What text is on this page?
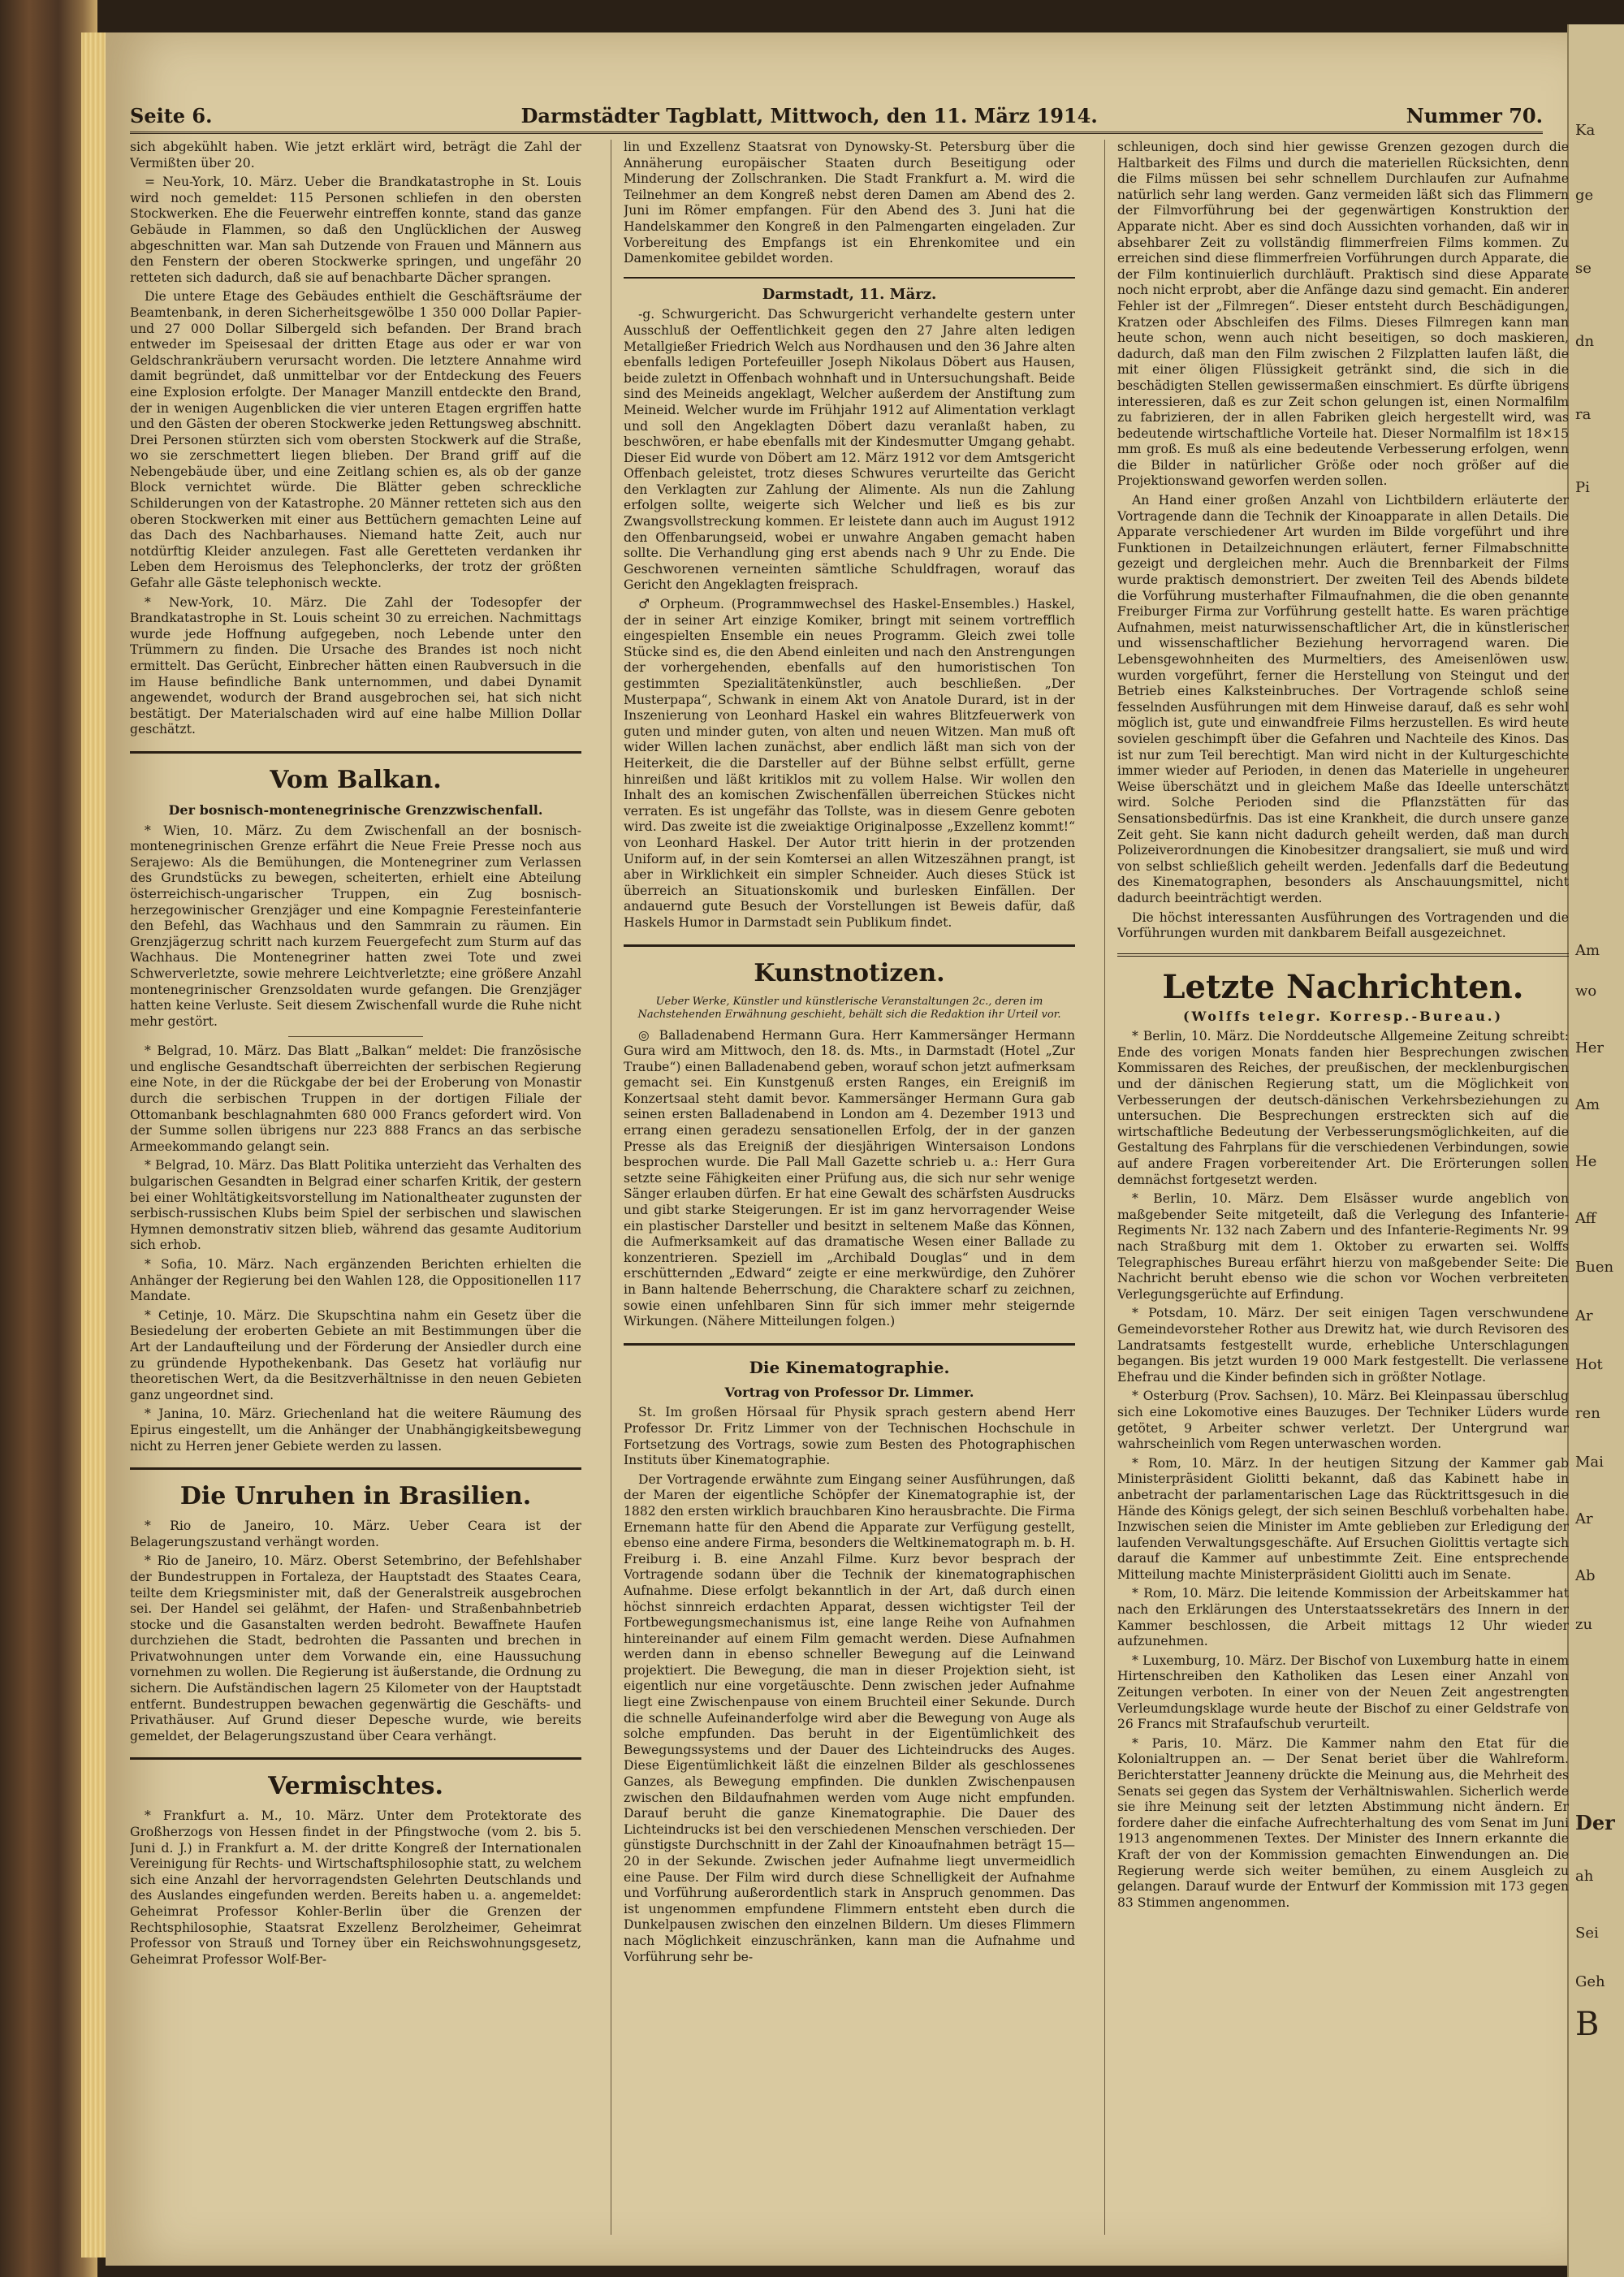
Ka
ge
se
dn
ra
Pi
Am
wo
Her
Am
He
Aff
Buen
Ar
Hot
ren
Mai
Ar
Ab
zu
Der
ah
Sei
Geh
B
Seite 6.	Darmstädter Tagblatt, Mittwoch, den 11. März 1914.	Nummer 70.

sich abgekühlt haben. Wie jetzt erklärt wird, beträgt die Zahl der Vermißten über 20.

= Neu-York, 10. März. Ueber die Brandkatastrophe in St. Louis wird noch gemeldet: 115 Personen schliefen in den obersten Stockwerken. Ehe die Feuerwehr eintreffen konnte, stand das ganze Gebäude in Flammen, so daß den Unglücklichen der Ausweg abgeschnitten war. Man sah Dutzende von Frauen und Männern aus den Fenstern der oberen Stockwerke springen, und ungefähr 20 retteten sich dadurch, daß sie auf benachbarte Dächer sprangen.

Die untere Etage des Gebäudes enthielt die Geschäftsräume der Beamtenbank, in deren Sicherheitsgewölbe 1 350 000 Dollar Papier- und 27 000 Dollar Silbergeld sich befanden. Der Brand brach entweder im Speisesaal der dritten Etage aus oder er war von Geldschrankräubern verursacht worden. Die letztere Annahme wird damit begründet, daß unmittelbar vor der Entdeckung des Feuers eine Explosion erfolgte. Der Manager Manzill entdeckte den Brand, der in wenigen Augenblicken die vier unteren Etagen ergriffen hatte und den Gästen der oberen Stockwerke jeden Rettungsweg abschnitt. Drei Personen stürzten sich vom obersten Stockwerk auf die Straße, wo sie zerschmettert liegen blieben. Der Brand griff auf die Nebengebäude über, und eine Zeitlang schien es, als ob der ganze Block vernichtet würde. Die Blätter geben schreckliche Schilderungen von der Katastrophe. 20 Männer retteten sich aus den oberen Stockwerken mit einer aus Bettüchern gemachten Leine auf das Dach des Nachbarhauses. Niemand hatte Zeit, auch nur notdürftig Kleider anzulegen. Fast alle Geretteten verdanken ihr Leben dem Heroismus des Telephonclerks, der trotz der größten Gefahr alle Gäste telephonisch weckte.

* New-York, 10. März. Die Zahl der Todesopfer der Brandkatastrophe in St. Louis scheint 30 zu erreichen. Nachmittags wurde jede Hoffnung aufgegeben, noch Lebende unter den Trümmern zu finden. Die Ursache des Brandes ist noch nicht ermittelt. Das Gerücht, Einbrecher hätten einen Raubversuch in die im Hause befindliche Bank unternommen, und dabei Dynamit angewendet, wodurch der Brand ausgebrochen sei, hat sich nicht bestätigt. Der Materialschaden wird auf eine halbe Million Dollar geschätzt.

Vom Balkan.
Der bosnisch-montenegrinische Grenzzwischenfall.

* Wien, 10. März. Zu dem Zwischenfall an der bosnisch-montenegrinischen Grenze erfährt die Neue Freie Presse noch aus Serajewo: Als die Bemühungen, die Montenegriner zum Verlassen des Grundstücks zu bewegen, scheiterten, erhielt eine Abteilung österreichisch-ungarischer Truppen, ein Zug bosnisch-herzegowinischer Grenzjäger und eine Kompagnie Feresteinfanterie den Befehl, das Wachhaus und den Sammrain zu räumen. Ein Grenzjägerzug schritt nach kurzem Feuergefecht zum Sturm auf das Wachhaus. Die Montenegriner hatten zwei Tote und zwei Schwerverletzte, sowie mehrere Leichtverletzte; eine größere Anzahl montenegrinischer Grenzsoldaten wurde gefangen. Die Grenzjäger hatten keine Verluste. Seit diesem Zwischenfall wurde die Ruhe nicht mehr gestört.

* Belgrad, 10. März. Das Blatt „Balkan“ meldet: Die französische und englische Gesandtschaft überreichten der serbischen Regierung eine Note, in der die Rückgabe der bei der Eroberung von Monastir durch die serbischen Truppen in der dortigen Filiale der Ottomanbank beschlagnahmten 680 000 Francs gefordert wird. Von der Summe sollen übrigens nur 223 888 Francs an das serbische Armeekommando gelangt sein.

* Belgrad, 10. März. Das Blatt Politika unterzieht das Verhalten des bulgarischen Gesandten in Belgrad einer scharfen Kritik, der gestern bei einer Wohltätigkeitsvorstellung im Nationaltheater zugunsten der serbisch-russischen Klubs beim Spiel der serbischen und slawischen Hymnen demonstrativ sitzen blieb, während das gesamte Auditorium sich erhob.

* Sofia, 10. März. Nach ergänzenden Berichten erhielten die Anhänger der Regierung bei den Wahlen 128, die Oppositionellen 117 Mandate.

* Cetinje, 10. März. Die Skupschtina nahm ein Gesetz über die Besiedelung der eroberten Gebiete an mit Bestimmungen über die Art der Landaufteilung und der Förderung der Ansiedler durch eine zu gründende Hypothekenbank. Das Gesetz hat vorläufig nur theoretischen Wert, da die Besitzverhältnisse in den neuen Gebieten ganz ungeordnet sind.

* Janina, 10. März. Griechenland hat die weitere Räumung des Epirus eingestellt, um die Anhänger der Unabhängigkeitsbewegung nicht zu Herren jener Gebiete werden zu lassen.

Die Unruhen in Brasilien.

* Rio de Janeiro, 10. März. Ueber Ceara ist der Belagerungszustand verhängt worden.

* Rio de Janeiro, 10. März. Oberst Setembrino, der Befehlshaber der Bundestruppen in Fortaleza, der Hauptstadt des Staates Ceara, teilte dem Kriegsminister mit, daß der Generalstreik ausgebrochen sei. Der Handel sei gelähmt, der Hafen- und Straßenbahnbetrieb stocke und die Gasanstalten werden bedroht. Bewaffnete Haufen durchziehen die Stadt, bedrohten die Passanten und brechen in Privatwohnungen unter dem Vorwande ein, eine Haussuchung vornehmen zu wollen. Die Regierung ist äußerstande, die Ordnung zu sichern. Die Aufständischen lagern 25 Kilometer von der Hauptstadt entfernt. Bundestruppen bewachen gegenwärtig die Geschäfts- und Privathäuser. Auf Grund dieser Depesche wurde, wie bereits gemeldet, der Belagerungszustand über Ceara verhängt.

Vermischtes.

* Frankfurt a. M., 10. März. Unter dem Protektorate des Großherzogs von Hessen findet in der Pfingstwoche (vom 2. bis 5. Juni d. J.) in Frankfurt a. M. der dritte Kongreß der Internationalen Vereinigung für Rechts- und Wirtschaftsphilosophie statt, zu welchem sich eine Anzahl der hervorragendsten Gelehrten Deutschlands und des Auslandes eingefunden werden. Bereits haben u. a. angemeldet: Geheimrat Professor Kohler-Berlin über die Grenzen der Rechtsphilosophie, Staatsrat Exzellenz Berolzheimer, Geheimrat Professor von Strauß und Torney über ein Reichswohnungsgesetz, Geheimrat Professor Wolf-Ber-

lin und Exzellenz Staatsrat von Dynowsky-St. Petersburg über die Annäherung europäischer Staaten durch Beseitigung oder Minderung der Zollschranken. Die Stadt Frankfurt a. M. wird die Teilnehmer an dem Kongreß nebst deren Damen am Abend des 2. Juni im Römer empfangen. Für den Abend des 3. Juni hat die Handelskammer den Kongreß in den Palmengarten eingeladen. Zur Vorbereitung des Empfangs ist ein Ehrenkomitee und ein Damenkomitee gebildet worden.

Darmstadt, 11. März.

-g. Schwurgericht. Das Schwurgericht verhandelte gestern unter Ausschluß der Oeffentlichkeit gegen den 27 Jahre alten ledigen Metallgießer Friedrich Welch aus Nordhausen und den 36 Jahre alten ebenfalls ledigen Portefeuiller Joseph Nikolaus Döbert aus Hausen, beide zuletzt in Offenbach wohnhaft und in Untersuchungshaft. Beide sind des Meineids angeklagt, Welcher außerdem der Anstiftung zum Meineid. Welcher wurde im Frühjahr 1912 auf Alimentation verklagt und soll den Angeklagten Döbert dazu veranlaßt haben, zu beschwören, er habe ebenfalls mit der Kindesmutter Umgang gehabt. Dieser Eid wurde von Döbert am 12. März 1912 vor dem Amtsgericht Offenbach geleistet, trotz dieses Schwures verurteilte das Gericht den Verklagten zur Zahlung der Alimente. Als nun die Zahlung erfolgen sollte, weigerte sich Welcher und ließ es bis zur Zwangsvollstreckung kommen. Er leistete dann auch im August 1912 den Offenbarungseid, wobei er unwahre Angaben gemacht haben sollte. Die Verhandlung ging erst abends nach 9 Uhr zu Ende. Die Geschworenen verneinten sämtliche Schuldfragen, worauf das Gericht den Angeklagten freisprach.

♂ Orpheum. (Programmwechsel des Haskel-Ensembles.) Haskel, der in seiner Art einzige Komiker, bringt mit seinem vortrefflich eingespielten Ensemble ein neues Programm. Gleich zwei tolle Stücke sind es, die den Abend einleiten und nach den Anstrengungen der vorhergehenden, ebenfalls auf den humoristischen Ton gestimmten Spezialitätenkünstler, auch beschließen. „Der Musterpapa“, Schwank in einem Akt von Anatole Durard, ist in der Inszenierung von Leonhard Haskel ein wahres Blitzfeuerwerk von guten und minder guten, von alten und neuen Witzen. Man muß oft wider Willen lachen zunächst, aber endlich läßt man sich von der Heiterkeit, die die Darsteller auf der Bühne selbst erfüllt, gerne hinreißen und läßt kritiklos mit zu vollem Halse. Wir wollen den Inhalt des an komischen Zwischenfällen überreichen Stückes nicht verraten. Es ist ungefähr das Tollste, was in diesem Genre geboten wird. Das zweite ist die zweiaktige Originalposse „Exzellenz kommt!“ von Leonhard Haskel. Der Autor tritt hierin in der protzenden Uniform auf, in der sein Komtersei an allen Witzeszähnen prangt, ist aber in Wirklichkeit ein simpler Schneider. Auch dieses Stück ist überreich an Situationskomik und burlesken Einfällen. Der andauernd gute Besuch der Vorstellungen ist Beweis dafür, daß Haskels Humor in Darmstadt sein Publikum findet.

Kunstnotizen.
Ueber Werke, Künstler und künstlerische Veranstaltungen 2c., deren im Nachstehenden Erwähnung geschieht, behält sich die Redaktion ihr Urteil vor.

◎ Balladenabend Hermann Gura. Herr Kammersänger Hermann Gura wird am Mittwoch, den 18. ds. Mts., in Darmstadt (Hotel „Zur Traube“) einen Balladenabend geben, worauf schon jetzt aufmerksam gemacht sei. Ein Kunstgenuß ersten Ranges, ein Ereigniß im Konzertsaal steht damit bevor. Kammersänger Hermann Gura gab seinen ersten Balladenabend in London am 4. Dezember 1913 und errang einen geradezu sensationellen Erfolg, der in der ganzen Presse als das Ereigniß der diesjährigen Wintersaison Londons besprochen wurde. Die Pall Mall Gazette schrieb u. a.: Herr Gura setzte seine Fähigkeiten einer Prüfung aus, die sich nur sehr wenige Sänger erlauben dürfen. Er hat eine Gewalt des schärfsten Ausdrucks und gibt starke Steigerungen. Er ist im ganz hervorragender Weise ein plastischer Darsteller und besitzt in seltenem Maße das Können, die Aufmerksamkeit auf das dramatische Wesen einer Ballade zu konzentrieren. Speziell im „Archibald Douglas“ und in dem erschütternden „Edward“ zeigte er eine merkwürdige, den Zuhörer in Bann haltende Beherrschung, die Charaktere scharf zu zeichnen, sowie einen unfehlbaren Sinn für sich immer mehr steigernde Wirkungen. (Nähere Mitteilungen folgen.)

Die Kinematographie.
Vortrag von Professor Dr. Limmer.

St. Im großen Hörsaal für Physik sprach gestern abend Herr Professor Dr. Fritz Limmer von der Technischen Hochschule in Fortsetzung des Vortrags, sowie zum Besten des Photographischen Instituts über Kinematographie.

Der Vortragende erwähnte zum Eingang seiner Ausführungen, daß der Maren der eigentliche Schöpfer der Kinematographie ist, der 1882 den ersten wirklich brauchbaren Kino herausbrachte. Die Firma Ernemann hatte für den Abend die Apparate zur Verfügung gestellt, ebenso eine andere Firma, besonders die Weltkinematograph m. b. H. Freiburg i. B. eine Anzahl Filme. Kurz bevor besprach der Vortragende sodann über die Technik der kinematographischen Aufnahme. Diese erfolgt bekanntlich in der Art, daß durch einen höchst sinnreich erdachten Apparat, dessen wichtigster Teil der Fortbewegungsmechanismus ist, eine lange Reihe von Aufnahmen hintereinander auf einem Film gemacht werden. Diese Aufnahmen werden dann in ebenso schneller Bewegung auf die Leinwand projektiert. Die Bewegung, die man in dieser Projektion sieht, ist eigentlich nur eine vorgetäuschte. Denn zwischen jeder Aufnahme liegt eine Zwischenpause von einem Bruchteil einer Sekunde. Durch die schnelle Aufeinanderfolge wird aber die Bewegung von Auge als solche empfunden. Das beruht in der Eigentümlichkeit des Bewegungssystems und der Dauer des Lichteindrucks des Auges. Diese Eigentümlichkeit läßt die einzelnen Bilder als geschlossenes Ganzes, als Bewegung empfinden. Die dunklen Zwischenpausen zwischen den Bildaufnahmen werden vom Auge nicht empfunden. Darauf beruht die ganze Kinematographie. Die Dauer des Lichteindrucks ist bei den verschiedenen Menschen verschieden. Der günstigste Durchschnitt in der Zahl der Kinoaufnahmen beträgt 15—20 in der Sekunde. Zwischen jeder Aufnahme liegt unvermeidlich eine Pause. Der Film wird durch diese Schnelligkeit der Aufnahme und Vorführung außerordentlich stark in Anspruch genommen. Das ist ungenommen empfundene Flimmern entsteht eben durch die Dunkelpausen zwischen den einzelnen Bildern. Um dieses Flimmern nach Möglichkeit einzuschränken, kann man die Aufnahme und Vorführung sehr be-

schleunigen, doch sind hier gewisse Grenzen gezogen durch die Haltbarkeit des Films und durch die materiellen Rücksichten, denn die Films müssen bei sehr schnellem Durchlaufen zur Aufnahme natürlich sehr lang werden. Ganz vermeiden läßt sich das Flimmern der Filmvorführung bei der gegenwärtigen Konstruktion der Apparate nicht. Aber es sind doch Aussichten vorhanden, daß wir in absehbarer Zeit zu vollständig flimmerfreien Films kommen. Zu erreichen sind diese flimmerfreien Vorführungen durch Apparate, die der Film kontinuierlich durchläuft. Praktisch sind diese Apparate noch nicht erprobt, aber die Anfänge dazu sind gemacht. Ein anderer Fehler ist der „Filmregen“. Dieser entsteht durch Beschädigungen, Kratzen oder Abschleifen des Films. Dieses Filmregen kann man heute schon, wenn auch nicht beseitigen, so doch maskieren, dadurch, daß man den Film zwischen 2 Filzplatten laufen läßt, die mit einer öligen Flüssigkeit getränkt sind, die sich in die beschädigten Stellen gewissermaßen einschmiert. Es dürfte übrigens interessieren, daß es zur Zeit schon gelungen ist, einen Normalfilm zu fabrizieren, der in allen Fabriken gleich hergestellt wird, was bedeutende wirtschaftliche Vorteile hat. Dieser Normalfilm ist 18×15 mm groß. Es muß als eine bedeutende Verbesserung erfolgen, wenn die Bilder in natürlicher Größe oder noch größer auf die Projektionswand geworfen werden sollen.

An Hand einer großen Anzahl von Lichtbildern erläuterte der Vortragende dann die Technik der Kinoapparate in allen Details. Die Apparate verschiedener Art wurden im Bilde vorgeführt und ihre Funktionen in Detailzeichnungen erläutert, ferner Filmabschnitte gezeigt und dergleichen mehr. Auch die Brennbarkeit der Films wurde praktisch demonstriert. Der zweiten Teil des Abends bildete die Vorführung musterhafter Filmaufnahmen, die die oben genannte Freiburger Firma zur Vorführung gestellt hatte. Es waren prächtige Aufnahmen, meist naturwissenschaftlicher Art, die in künstlerischer und wissenschaftlicher Beziehung hervorragend waren. Die Lebensgewohnheiten des Murmeltiers, des Ameisenlöwen usw. wurden vorgeführt, ferner die Herstellung von Steingut und der Betrieb eines Kalksteinbruches. Der Vortragende schloß seine fesselnden Ausführungen mit dem Hinweise darauf, daß es sehr wohl möglich ist, gute und einwandfreie Films herzustellen. Es wird heute sovielen geschimpft über die Gefahren und Nachteile des Kinos. Das ist nur zum Teil berechtigt. Man wird nicht in der Kulturgeschichte immer wieder auf Perioden, in denen das Materielle in ungeheurer Weise überschätzt und in gleichem Maße das Ideelle unterschätzt wird. Solche Perioden sind die Pflanzstätten für das Sensationsbedürfnis. Das ist eine Krankheit, die durch unsere ganze Zeit geht. Sie kann nicht dadurch geheilt werden, daß man durch Polizeiverordnungen die Kinobesitzer drangsaliert, sie muß und wird von selbst schließlich geheilt werden. Jedenfalls darf die Bedeutung des Kinematographen, besonders als Anschauungsmittel, nicht dadurch beeinträchtigt werden.

Die höchst interessanten Ausführungen des Vortragenden und die Vorführungen wurden mit dankbarem Beifall ausgezeichnet.

Letzte Nachrichten.
(Wolffs telegr. Korresp.-Bureau.)

* Berlin, 10. März. Die Norddeutsche Allgemeine Zeitung schreibt: Ende des vorigen Monats fanden hier Besprechungen zwischen Kommissaren des Reiches, der preußischen, der mecklenburgischen und der dänischen Regierung statt, um die Möglichkeit von Verbesserungen der deutsch-dänischen Verkehrsbeziehungen zu untersuchen. Die Besprechungen erstreckten sich auf die wirtschaftliche Bedeutung der Verbesserungsmöglichkeiten, auf die Gestaltung des Fahrplans für die verschiedenen Verbindungen, sowie auf andere Fragen vorbereitender Art. Die Erörterungen sollen demnächst fortgesetzt werden.

* Berlin, 10. März. Dem Elsässer wurde angeblich von maßgebender Seite mitgeteilt, daß die Verlegung des Infanterie-Regiments Nr. 132 nach Zabern und des Infanterie-Regiments Nr. 99 nach Straßburg mit dem 1. Oktober zu erwarten sei. Wolffs Telegraphisches Bureau erfährt hierzu von maßgebender Seite: Die Nachricht beruht ebenso wie die schon vor Wochen verbreiteten Verlegungsgerüchte auf Erfindung.

* Potsdam, 10. März. Der seit einigen Tagen verschwundene Gemeindevorsteher Rother aus Drewitz hat, wie durch Revisoren des Landratsamts festgestellt wurde, erhebliche Unterschlagungen begangen. Bis jetzt wurden 19 000 Mark festgestellt. Die verlassene Ehefrau und die Kinder befinden sich in größter Notlage.

* Osterburg (Prov. Sachsen), 10. März. Bei Kleinpassau überschlug sich eine Lokomotive eines Bauzuges. Der Techniker Lüders wurde getötet, 9 Arbeiter schwer verletzt. Der Untergrund war wahrscheinlich vom Regen unterwaschen worden.

* Rom, 10. März. In der heutigen Sitzung der Kammer gab Ministerpräsident Giolitti bekannt, daß das Kabinett habe in anbetracht der parlamentarischen Lage das Rücktrittsgesuch in die Hände des Königs gelegt, der sich seinen Beschluß vorbehalten habe. Inzwischen seien die Minister im Amte geblieben zur Erledigung der laufenden Verwaltungsgeschäfte. Auf Ersuchen Giolittis vertagte sich darauf die Kammer auf unbestimmte Zeit. Eine entsprechende Mitteilung machte Ministerpräsident Giolitti auch im Senate.

* Rom, 10. März. Die leitende Kommission der Arbeitskammer hat nach den Erklärungen des Unterstaatssekretärs des Innern in der Kammer beschlossen, die Arbeit mittags 12 Uhr wieder aufzunehmen.

* Luxemburg, 10. März. Der Bischof von Luxemburg hatte in einem Hirtenschreiben den Katholiken das Lesen einer Anzahl von Zeitungen verboten. In einer von der Neuen Zeit angestrengten Verleumdungsklage wurde heute der Bischof zu einer Geldstrafe von 26 Francs mit Strafaufschub verurteilt.

* Paris, 10. März. Die Kammer nahm den Etat für die Kolonialtruppen an. — Der Senat beriet über die Wahlreform. Berichterstatter Jeanneny drückte die Meinung aus, die Mehrheit des Senats sei gegen das System der Verhältniswahlen. Sicherlich werde sie ihre Meinung seit der letzten Abstimmung nicht ändern. Er fordere daher die einfache Aufrechterhaltung des vom Senat im Juni 1913 angenommenen Textes. Der Minister des Innern erkannte die Kraft der von der Kommission gemachten Einwendungen an. Die Regierung werde sich weiter bemühen, zu einem Ausgleich zu gelangen. Darauf wurde der Entwurf der Kommission mit 173 gegen 83 Stimmen angenommen.
